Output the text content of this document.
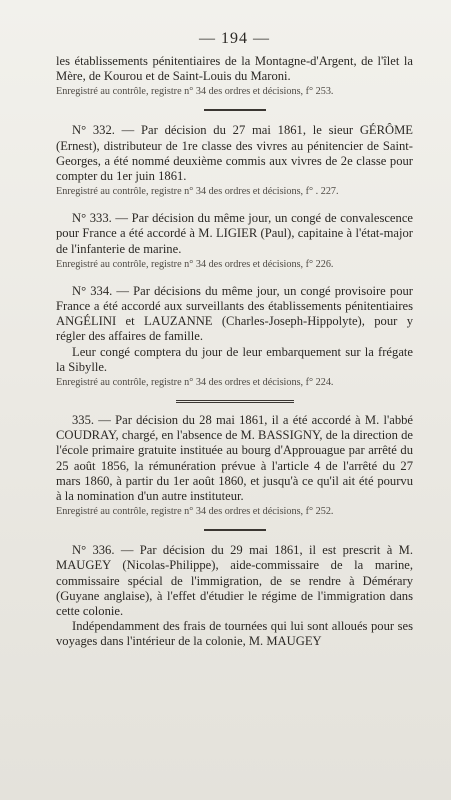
— 194 —

les établissements pénitentiaires de la Montagne-d'Argent, de l'îlet la Mère, de Kourou et de Saint-Louis du Maroni.

Enregistré au contrôle, registre n° 34 des ordres et décisions, f° 253.

N° 332. — Par décision du 27 mai 1861, le sieur GÉRÔME (Ernest), distributeur de 1re classe des vivres au pénitencier de Saint-Georges, a été nommé deuxième commis aux vivres de 2e classe pour compter du 1er juin 1861.

Enregistré au contrôle, registre n° 34 des ordres et décisions, f° . 227.

N° 333. — Par décision du même jour, un congé de convalescence pour France a été accordé à M. LIGIER (Paul), capitaine à l'état-major de l'infanterie de marine.

Enregistré au contrôle, registre n° 34 des ordres et décisions, f° 226.

N° 334. — Par décisions du même jour, un congé provisoire pour France a été accordé aux surveillants des établissements pénitentiaires ANGÉLINI et LAUZANNE (Charles-Joseph-Hippolyte), pour y régler des affaires de famille.

Leur congé comptera du jour de leur embarquement sur la frégate la Sibylle.

Enregistré au contrôle, registre n° 34 des ordres et décisions, f° 224.

335. — Par décision du 28 mai 1861, il a été accordé à M. l'abbé COUDRAY, chargé, en l'absence de M. BASSIGNY, de la direction de l'école primaire gratuite instituée au bourg d'Approuague par arrêté du 25 août 1856, la rémunération prévue à l'article 4 de l'arrêté du 27 mars 1860, à partir du 1er août 1860, et jusqu'à ce qu'il ait été pourvu à la nomination d'un autre instituteur.

Enregistré au contrôle, registre n° 34 des ordres et décisions, f° 252.

N° 336. — Par décision du 29 mai 1861, il est prescrit à M. MAUGEY (Nicolas-Philippe), aide-commissaire de la marine, commissaire spécial de l'immigration, de se rendre à Démérary (Guyane anglaise), à l'effet d'étudier le régime de l'immigration dans cette colonie.

Indépendamment des frais de tournées qui lui sont alloués pour ses voyages dans l'intérieur de la colonie, M. MAUGEY
